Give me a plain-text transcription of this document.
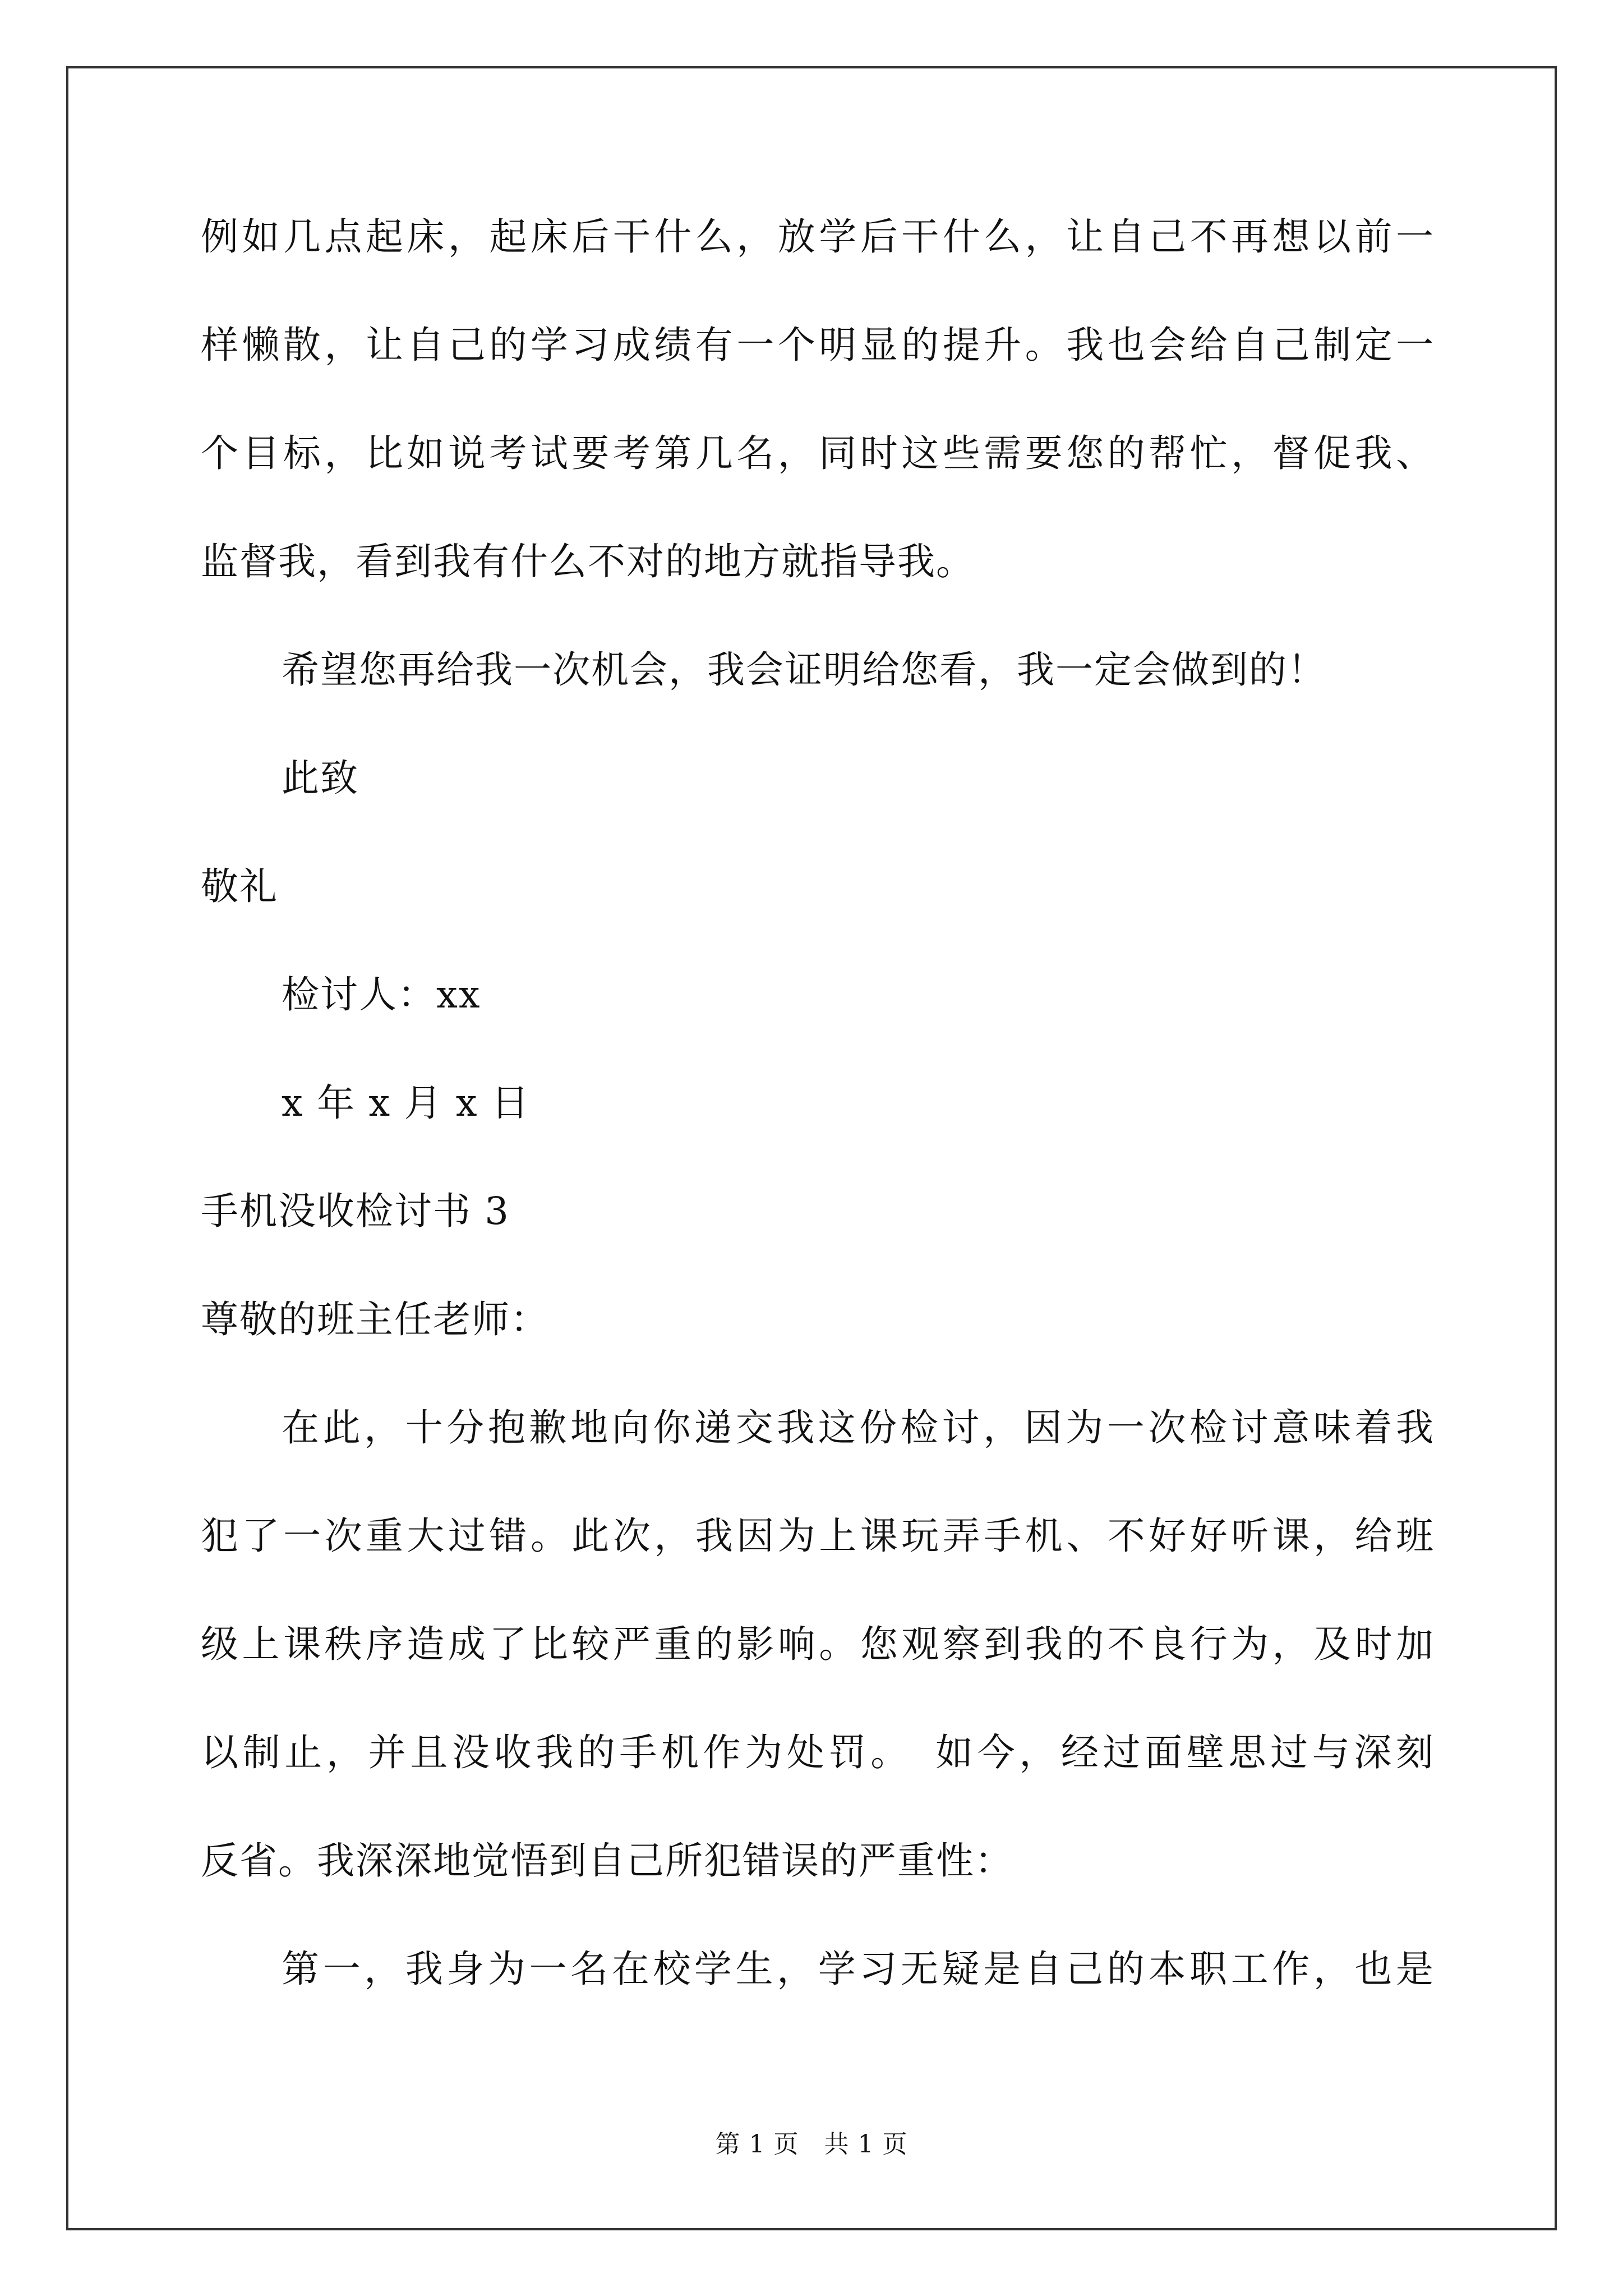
例如几点起床，起床后干什么，放学后干什么，让自己不再想以前一
样懒散，让自己的学习成绩有一个明显的提升。我也会给自己制定一
个目标，比如说考试要考第几名，同时这些需要您的帮忙，督促我、
监督我，看到我有什么不对的地方就指导我。
希望您再给我一次机会，我会证明给您看，我一定会做到的！
此致
敬礼
检讨人：xx
x 年 x 月 x 日
手机没收检讨书 3
尊敬的班主任老师：
在此，十分抱歉地向你递交我这份检讨，因为一次检讨意味着我
犯了一次重大过错。此次，我因为上课玩弄手机、不好好听课，给班
级上课秩序造成了比较严重的影响。您观察到我的不良行为，及时加
以制止，并且没收我的手机作为处罚。　如今，经过面壁思过与深刻
反省。我深深地觉悟到自己所犯错误的严重性：
第一，我身为一名在校学生，学习无疑是自己的本职工作，也是
第 1 页　共 1 页
